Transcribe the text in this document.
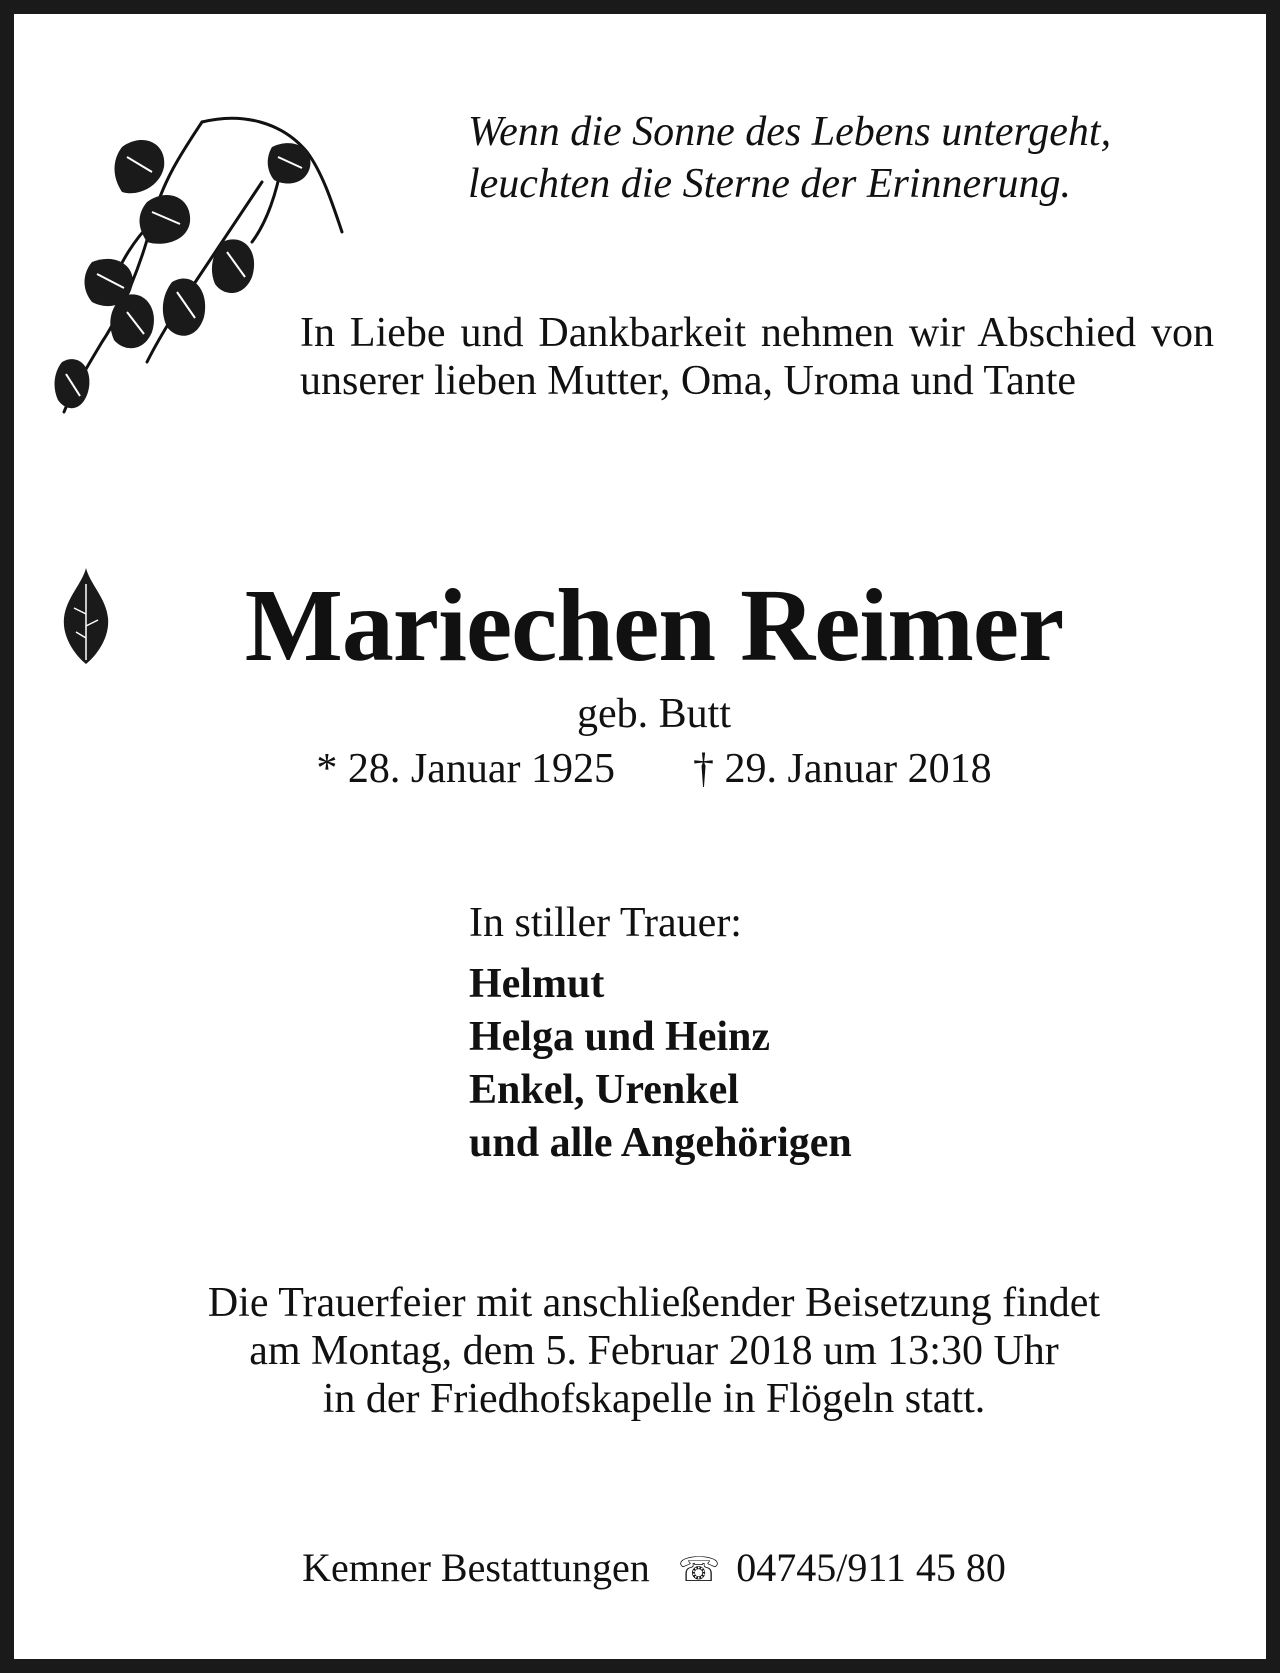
Wenn die Sonne des Lebens untergeht,
leuchten die Sterne der Erinnerung.
In Liebe und Dankbarkeit nehmen wir Abschied von unserer lieben Mutter, Oma, Uroma und Tante
Mariechen Reimer
geb. Butt
* 28. Januar 1925 † 29. Januar 2018
In stiller Trauer:
Helmut
Helga und Heinz
Enkel, Urenkel
und alle Angehörigen
Die Trauerfeier mit anschließender Beisetzung findet
am Montag, dem 5. Februar 2018 um 13:30 Uhr
in der Friedhofskapelle in Flögeln statt.
Kemner Bestattungen ☏ 04745/911 45 80
